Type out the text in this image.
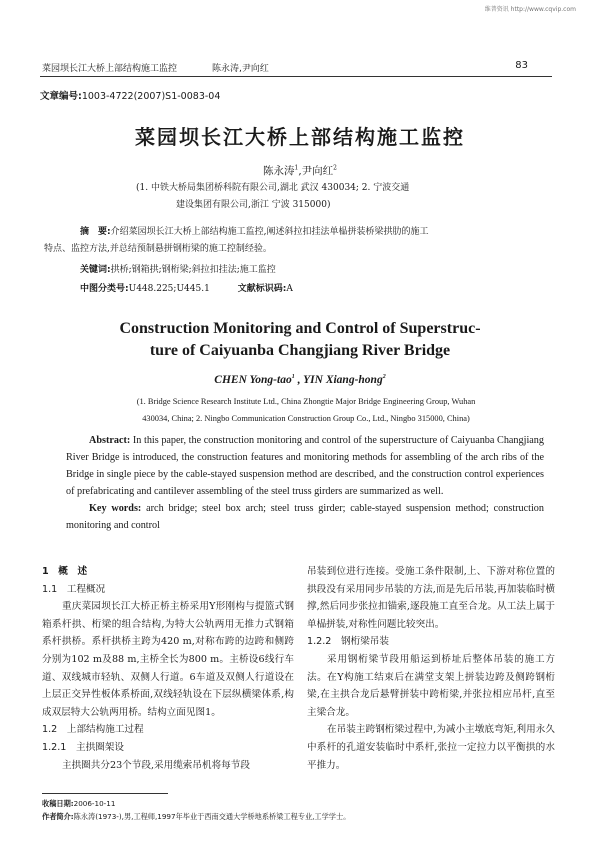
维普资讯 http://www.cqvip.com
菜园坝长江大桥上部结构施工监控	陈永涛,尹向红	83
文章编号:1003-4722(2007)S1-0083-04
菜园坝长江大桥上部结构施工监控
陈永涛$^1$,尹向红$^2$
(1. 中铁大桥局集团桥科院有限公司,湖北 武汉 430034; 2. 宁波交通
建设集团有限公司,浙江 宁波 315000)
摘　要:介绍菜园坝长江大桥上部结构施工监控,阐述斜拉扣挂法单榀拼装桥梁拱肋的施工
特点、监控方法,并总结预制悬拼钢桁梁的施工控制经验。
关键词:拱桥;钢箱拱;钢桁梁;斜拉扣挂法;施工监控
中图分类号:U448.225;U445.1	文献标识码:A
Construction Monitoring and Control of Superstruc-
ture of Caiyuanba Changjiang River Bridge
CHEN Yong-tao$^1$ , YIN Xiang-hong$^2$
(1. Bridge Science Research Institute Ltd., China Zhongtie Major Bridge Engineering Group, Wuhan
430034, China; 2. Ningbo Communication Construction Group Co., Ltd., Ningbo 315000, China)
Abstract: In this paper, the construction monitoring and control of the superstructure of Caiyuanba Changjiang River Bridge is introduced, the construction features and monitoring methods for assembling of the arch ribs of the Bridge in single piece by the cable-stayed suspension method are described, and the construction control experiences of prefabricating and cantilever assembling of the steel truss girders are summarized as well.
Key words: arch bridge; steel box arch; steel truss girder; cable-stayed suspension method; construction monitoring and control

1　概　述

1.1　工程概况

重庆菜园坝长江大桥正桥主桥采用Y形刚构与提篮式钢箱系杆拱、桁梁的组合结构,为特大公轨两用无推力式钢箱系杆拱桥。系杆拱桥主跨为420 m,对称布跨的边跨和侧跨分别为102 m及88 m,主桥全长为800 m。主桥设6线行车道、双线城市轻轨、双侧人行道。6车道及双侧人行道设在上层正交异性板体系桥面,双线轻轨设在下层纵横梁体系,构成双层特大公轨两用桥。结构立面见图1。

1.2　上部结构施工过程

1.2.1　主拱圈架设

主拱圈共分23个节段,采用缆索吊机将每节段

吊装到位进行连接。受施工条件限制,上、下游对称位置的拱段没有采用同步吊装的方法,而是先后吊装,再加装临时横撑,然后同步张拉扣锚索,逐段施工直至合龙。从工法上属于单榀拼装,对称性问题比较突出。

1.2.2　钢桁梁吊装

采用钢桁梁节段用船运到桥址后整体吊装的施工方法。在Y构施工结束后在满堂支架上拼装边跨及侧跨钢桁梁,在主拱合龙后悬臂拼装中跨桁梁,并张拉相应吊杆,直至主梁合龙。

在吊装主跨钢桁梁过程中,为减小主墩底弯矩,利用永久中系杆的孔道安装临时中系杆,张拉一定拉力以平衡拱的水平推力。

收稿日期:2006-10-11
作者简介:陈永涛(1973-),男,工程师,1997年毕业于西南交通大学桥地系桥梁工程专业,工学学士。
